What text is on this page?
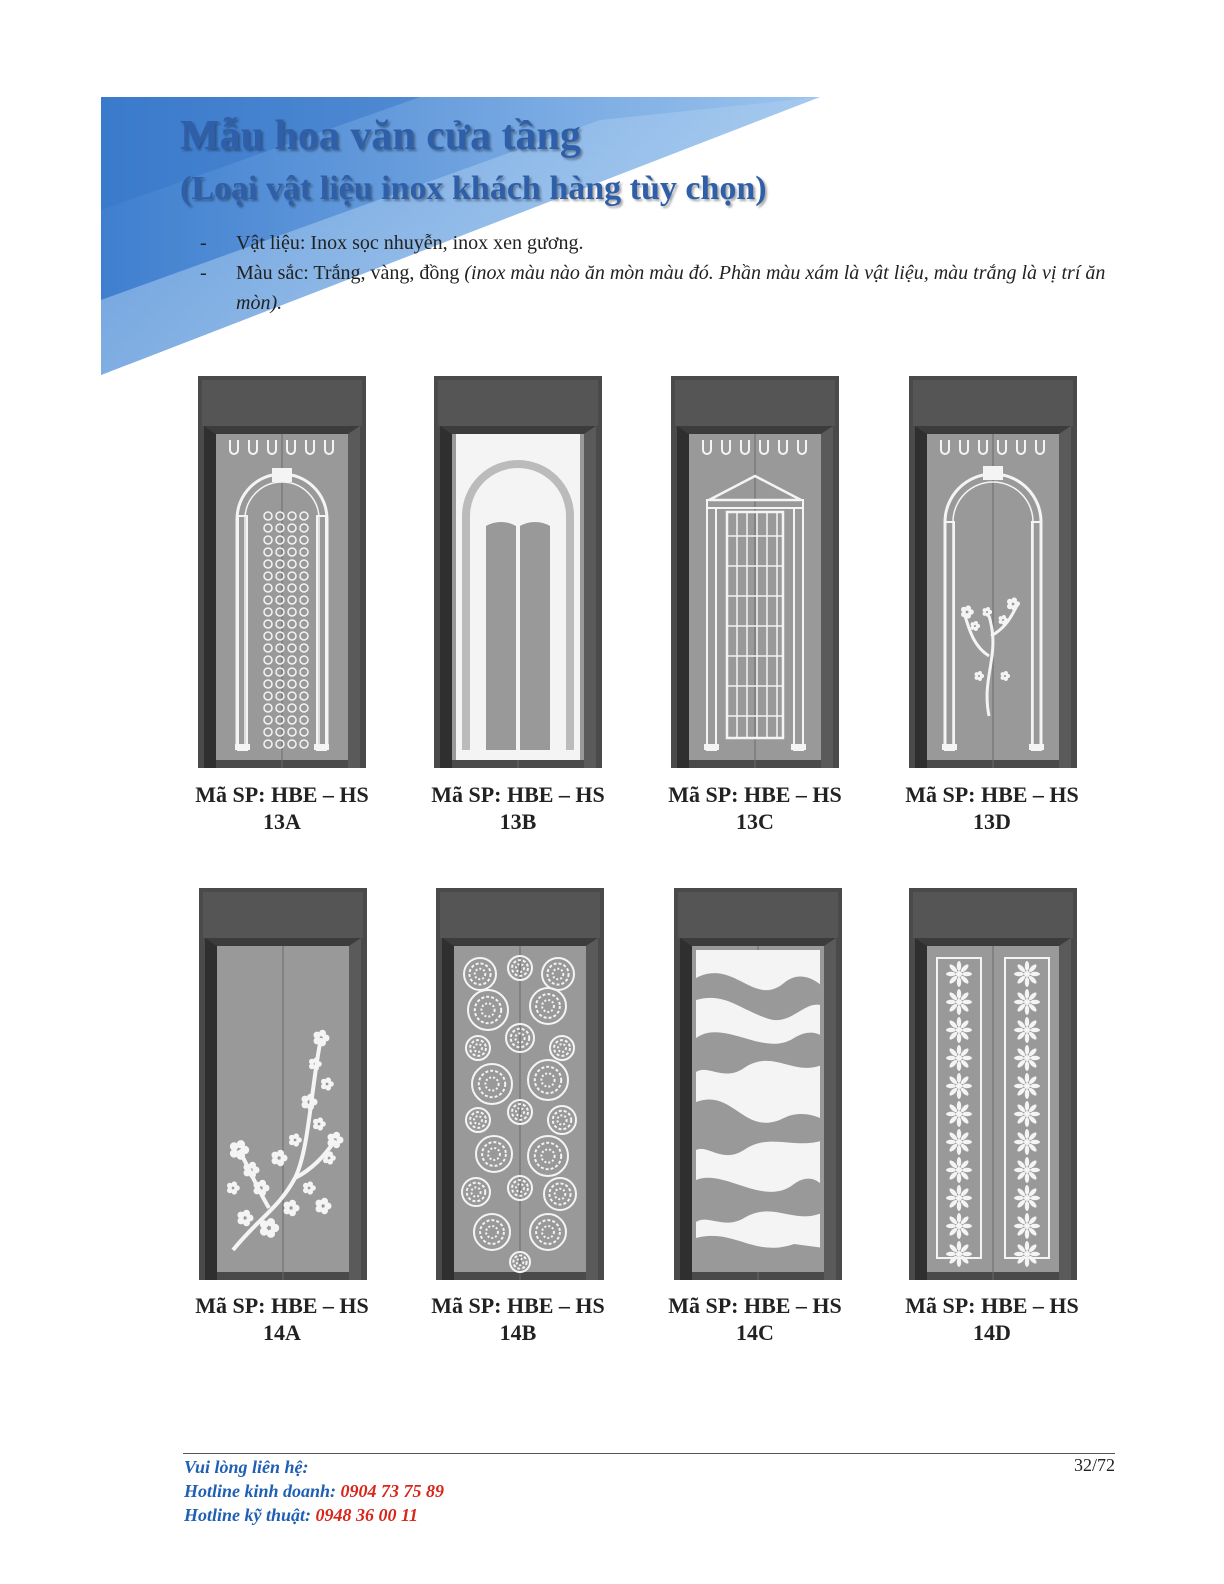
Mẫu hoa văn cửa tầng
(Loại vật liệu inox khách hàng tùy chọn)
- Vật liệu: Inox sọc nhuyễn, inox xen gương.
- Màu sắc: Trắng, vàng, đồng (inox màu nào ăn mòn màu đó. Phần màu xám là vật liệu, màu trắng là vị trí ăn mòn).
Mã SP: HBE – HS
13A
Mã SP: HBE – HS
13B
Mã SP: HBE – HS
13C
Mã SP: HBE – HS
13D
Mã SP: HBE – HS
14A
Mã SP: HBE – HS
14B
Mã SP: HBE – HS
14C
Mã SP: HBE – HS
14D
Vui lòng liên hệ:
Hotline kinh doanh: 0904 73 75 89
Hotline kỹ thuật: 0948 36 00 11
32/72
